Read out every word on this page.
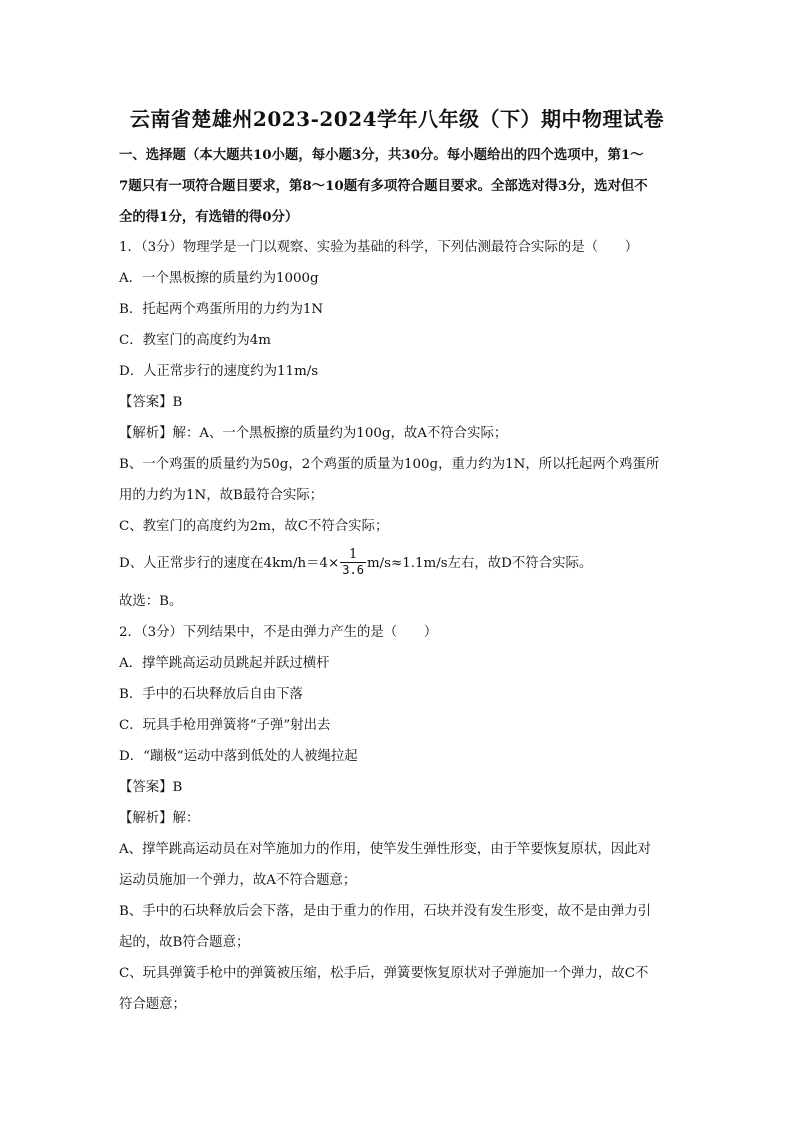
云南省楚雄州2023-2024学年八年级（下）期中物理试卷
一、选择题（本大题共10小题，每小题3分，共30分。每小题给出的四个选项中，第1～
7题只有一项符合题目要求，第8～10题有多项符合题目要求。全部选对得3分，选对但不
全的得1分，有选错的得0分）
1．（3分）物理学是一门以观察、实验为基础的科学，下列估测最符合实际的是（　　）
A．一个黑板擦的质量约为1000g
B．托起两个鸡蛋所用的力约为1N
C．教室门的高度约为4m
D．人正常步行的速度约为11m/s
【答案】B
【解析】解：A、一个黑板擦的质量约为100g，故A不符合实际；
B、一个鸡蛋的质量约为50g，2个鸡蛋的质量为100g，重力约为1N，所以托起两个鸡蛋所
用的力约为1N，故B最符合实际；
C、教室门的高度约为2m，故C不符合实际；
D、人正常步行的速度在$4km/h=4\times \frac{1}{3.6} m/s\approx 1.1m/s$左右，故D不符合实际。
故选：B。
2．（3分）下列结果中，不是由弹力产生的是（　　）
A．撑竿跳高运动员跳起并跃过横杆
B．手中的石块释放后自由下落
C．玩具手枪用弹簧将“子弹”射出去
D．“蹦极”运动中落到低处的人被绳拉起
【答案】B
【解析】解：
A、撑竿跳高运动员在对竿施加力的作用，使竿发生弹性形变，由于竿要恢复原状，因此对
运动员施加一个弹力，故A不符合题意；
B、手中的石块释放后会下落，是由于重力的作用，石块并没有发生形变，故不是由弹力引
起的，故B符合题意；
C、玩具弹簧手枪中的弹簧被压缩，松手后，弹簧要恢复原状对子弹施加一个弹力，故C不
符合题意；
